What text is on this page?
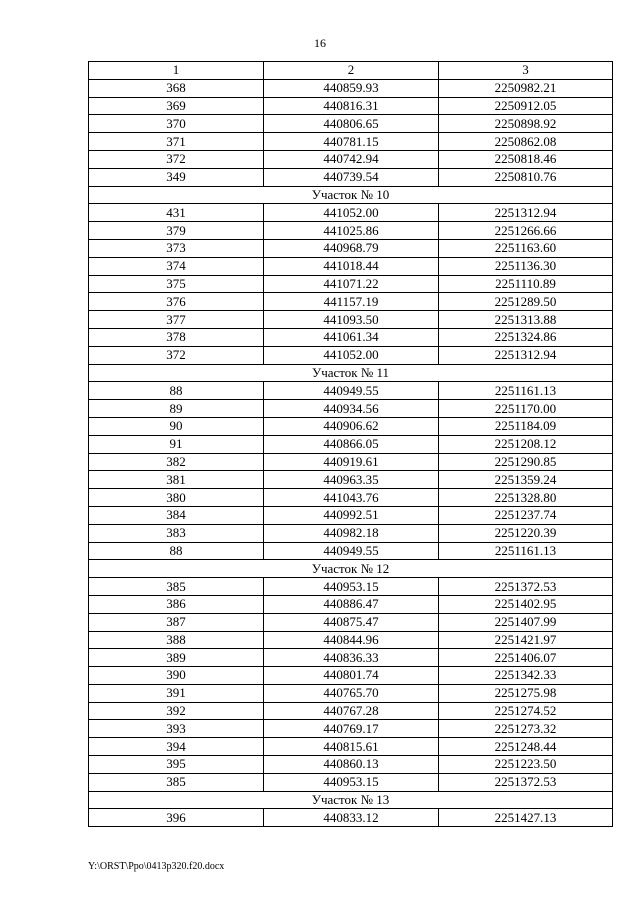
16
1	2	3
368	440859.93	2250982.21
369	440816.31	2250912.05
370	440806.65	2250898.92
371	440781.15	2250862.08
372	440742.94	2250818.46
349	440739.54	2250810.76
Участок № 10		
431	441052.00	2251312.94
379	441025.86	2251266.66
373	440968.79	2251163.60
374	441018.44	2251136.30
375	441071.22	2251110.89
376	441157.19	2251289.50
377	441093.50	2251313.88
378	441061.34	2251324.86
372	441052.00	2251312.94
Участок № 11		
88	440949.55	2251161.13
89	440934.56	2251170.00
90	440906.62	2251184.09
91	440866.05	2251208.12
382	440919.61	2251290.85
381	440963.35	2251359.24
380	441043.76	2251328.80
384	440992.51	2251237.74
383	440982.18	2251220.39
88	440949.55	2251161.13
Участок № 12		
385	440953.15	2251372.53
386	440886.47	2251402.95
387	440875.47	2251407.99
388	440844.96	2251421.97
389	440836.33	2251406.07
390	440801.74	2251342.33
391	440765.70	2251275.98
392	440767.28	2251274.52
393	440769.17	2251273.32
394	440815.61	2251248.44
395	440860.13	2251223.50
385	440953.15	2251372.53
Участок № 13		
396	440833.12	2251427.13
Y:\ORST\Ppo\0413p320.f20.docx
